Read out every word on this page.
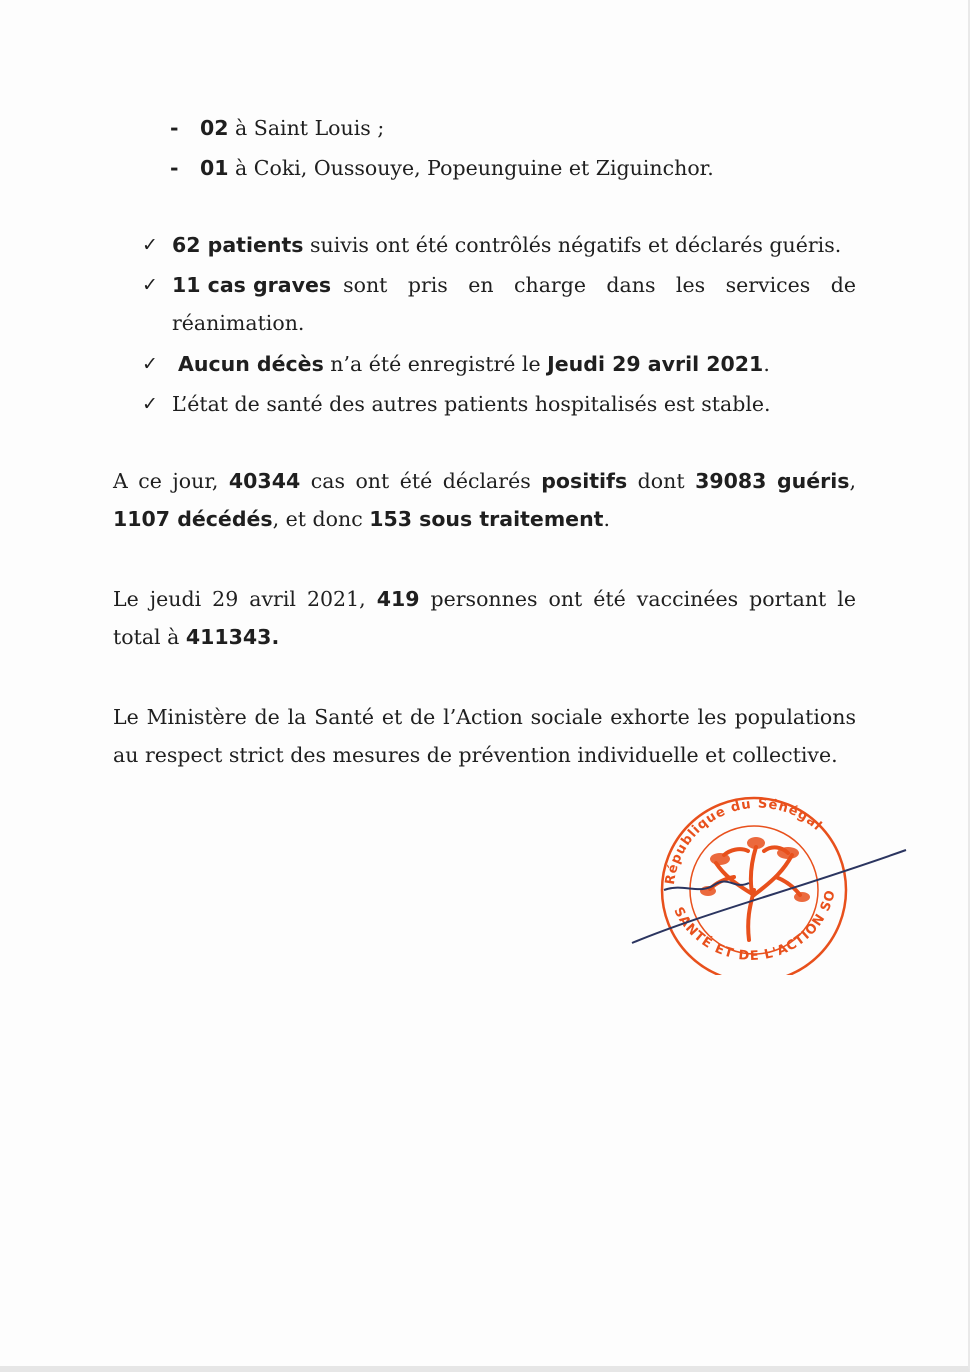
- 02 à Saint Louis ;
- 01 à Coki, Oussouye, Popeunguine et Ziguinchor.
✓ 62 patients suivis ont été contrôlés négatifs et déclarés guéris.
✓ 11 cas graves sont pris en charge dans les services de
réanimation.
✓ Aucun décès n’a été enregistré le Jeudi 29 avril 2021.
✓ L’état de santé des autres patients hospitalisés est stable.
A ce jour, 40344 cas ont été déclarés positifs dont 39083 guéris, 1107 décédés, et donc 153 sous traitement.
Le jeudi 29 avril 2021, 419 personnes ont été vaccinées portant le total à 411343.
Le Ministère de la Santé et de l’Action sociale exhorte les populations
au respect strict des mesures de prévention individuelle et collective.
République du Sénégal
SANTÉ ET DE L'ACTION SO
